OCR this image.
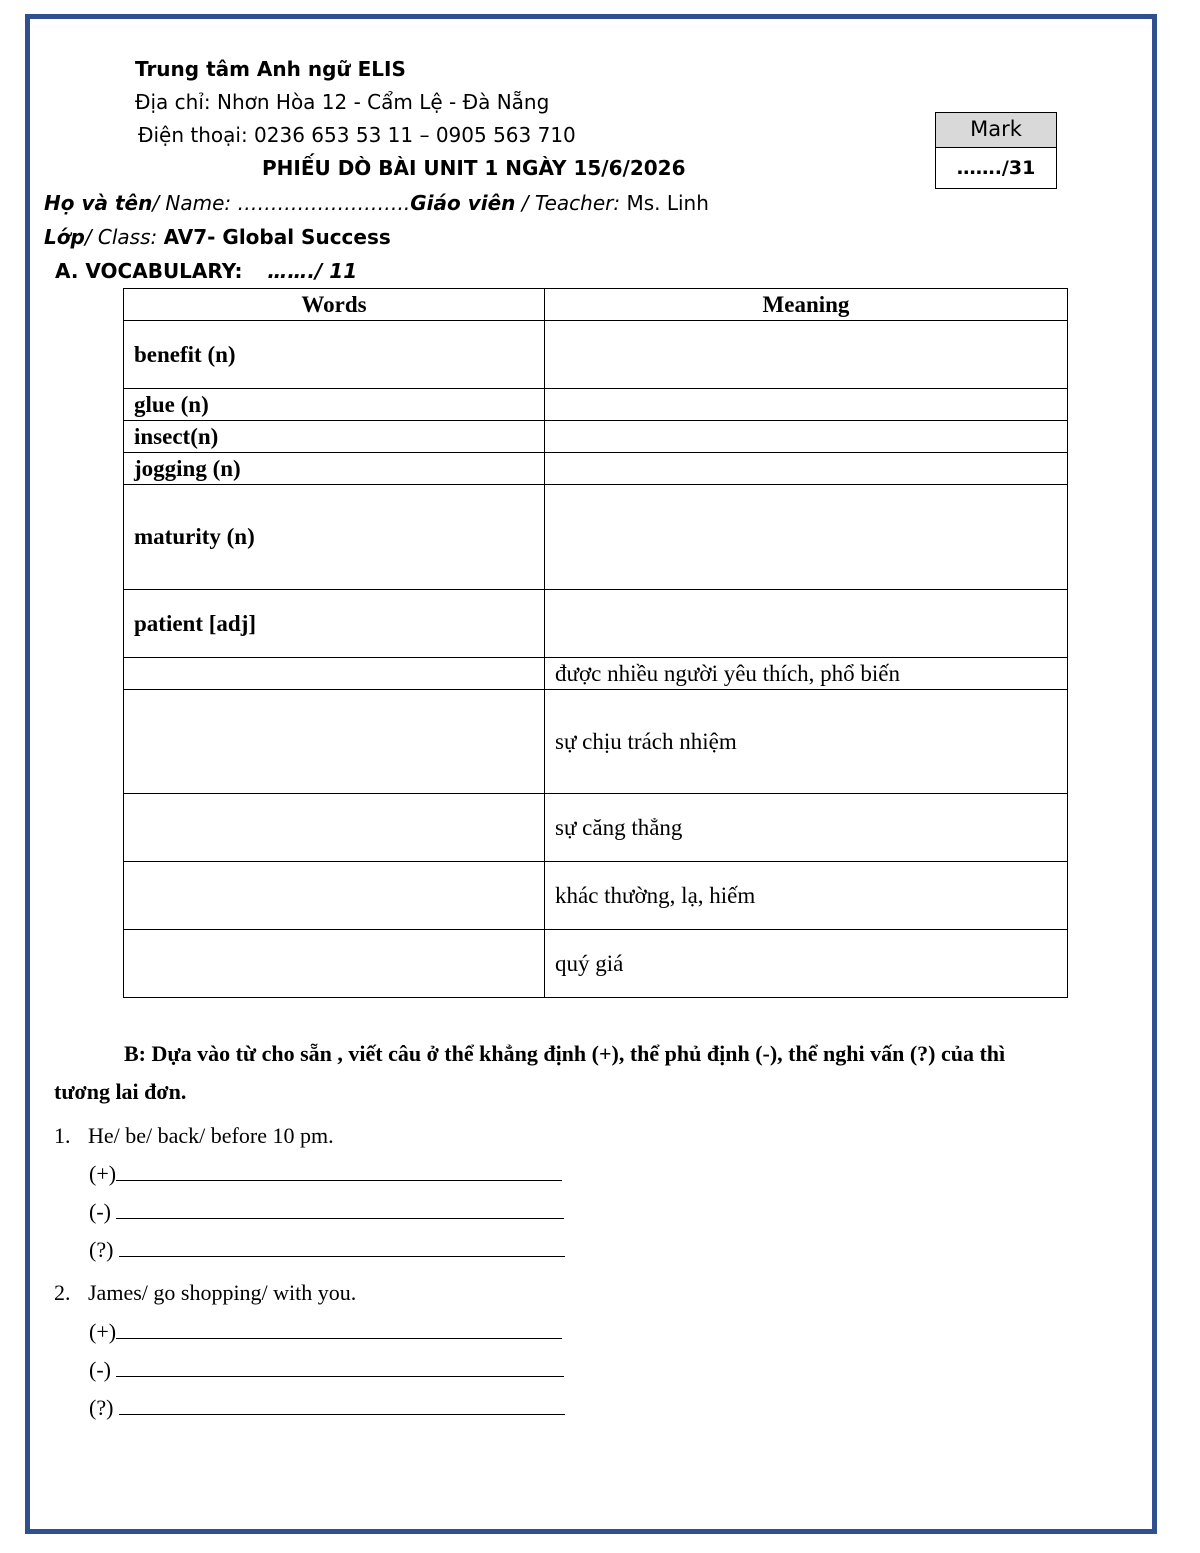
Trung tâm Anh ngữ ELIS
Địa chỉ: Nhơn Hòa 12 - Cẩm Lệ - Đà Nẵng
Điện thoại: 0236 653 53 11 – 0905 563 710
PHIẾU DÒ BÀI UNIT 1 NGÀY 15/6/2026
Mark
……./31
Họ và tên/ Name: ……………………..Giáo viên / Teacher: Ms. Linh
Lớp/ Class: AV7- Global Success
A. VOCABULARY: ……./ 11
Words	Meaning
benefit (n)	
glue (n)	
insect(n)	
jogging (n)	
maturity (n)	
patient [adj]	
	được nhiều người yêu thích, phổ biến
	sự chịu trách nhiệm
	sự căng thẳng
	khác thường, lạ, hiếm
	quý giá
B: Dựa vào từ cho sẵn , viết câu ở thể khẳng định (+), thể phủ định (-), thể nghi vấn (?) của thì
tương lai đơn.
1. He/ be/ back/ before 10 pm.
(+)
(-)
(?)
2. James/ go shopping/ with you.
(+)
(-)
(?)
